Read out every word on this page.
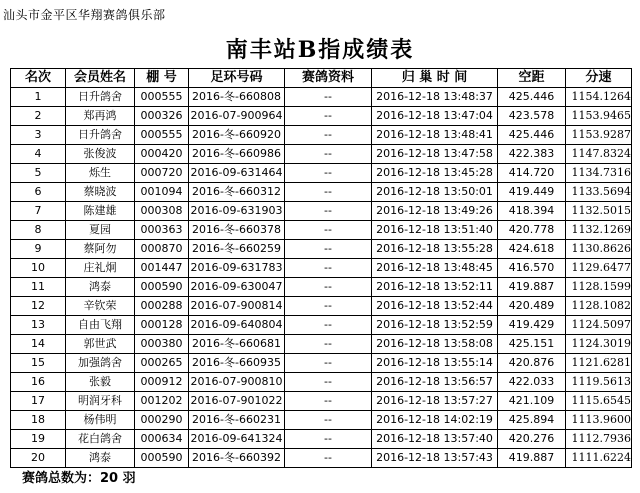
汕头市金平区华翔赛鸽俱乐部
南丰站B指成绩表
名次	会员姓名	棚 号	足环号码	赛鸽资料	归 巢 时 间	空距	分速
1	日升鸽舍	000555	2016-冬-660808	--	2016-12-18 13:48:37	425.446	1154.1264
2	郑再鸿	000326	2016-07-900964	--	2016-12-18 13:47:04	423.578	1153.9465
3	日升鸽舍	000555	2016-冬-660920	--	2016-12-18 13:48:41	425.446	1153.9287
4	张俊波	000420	2016-冬-660986	--	2016-12-18 13:47:58	422.383	1147.8324
5	烁生	000720	2016-09-631464	--	2016-12-18 13:45:28	414.720	1134.7316
6	蔡晓波	001094	2016-冬-660312	--	2016-12-18 13:50:01	419.449	1133.5694
7	陈建雄	000308	2016-09-631903	--	2016-12-18 13:49:26	418.394	1132.5015
8	夏园	000363	2016-冬-660378	--	2016-12-18 13:51:40	420.778	1132.1269
9	蔡阿勿	000870	2016-冬-660259	--	2016-12-18 13:55:28	424.618	1130.8626
10	庄礼炯	001447	2016-09-631783	--	2016-12-18 13:48:45	416.570	1129.6477
11	鸿泰	000590	2016-09-630047	--	2016-12-18 13:52:11	419.887	1128.1599
12	辛钦荣	000288	2016-07-900814	--	2016-12-18 13:52:44	420.489	1128.1082
13	自由飞翔	000128	2016-09-640804	--	2016-12-18 13:52:59	419.429	1124.5097
14	郭世武	000380	2016-冬-660681	--	2016-12-18 13:58:08	425.151	1124.3019
15	加强鸽舍	000265	2016-冬-660935	--	2016-12-18 13:55:14	420.876	1121.6281
16	张毅	000912	2016-07-900810	--	2016-12-18 13:56:57	422.033	1119.5613
17	明润牙科	001202	2016-07-901022	--	2016-12-18 13:57:27	421.109	1115.6545
18	杨伟明	000290	2016-冬-660231	--	2016-12-18 14:02:19	425.894	1113.9600
19	花白鸽舍	000634	2016-09-641324	--	2016-12-18 13:57:40	420.276	1112.7936
20	鸿泰	000590	2016-冬-660392	--	2016-12-18 13:57:43	419.887	1111.6224
赛鸽总数为：20 羽
